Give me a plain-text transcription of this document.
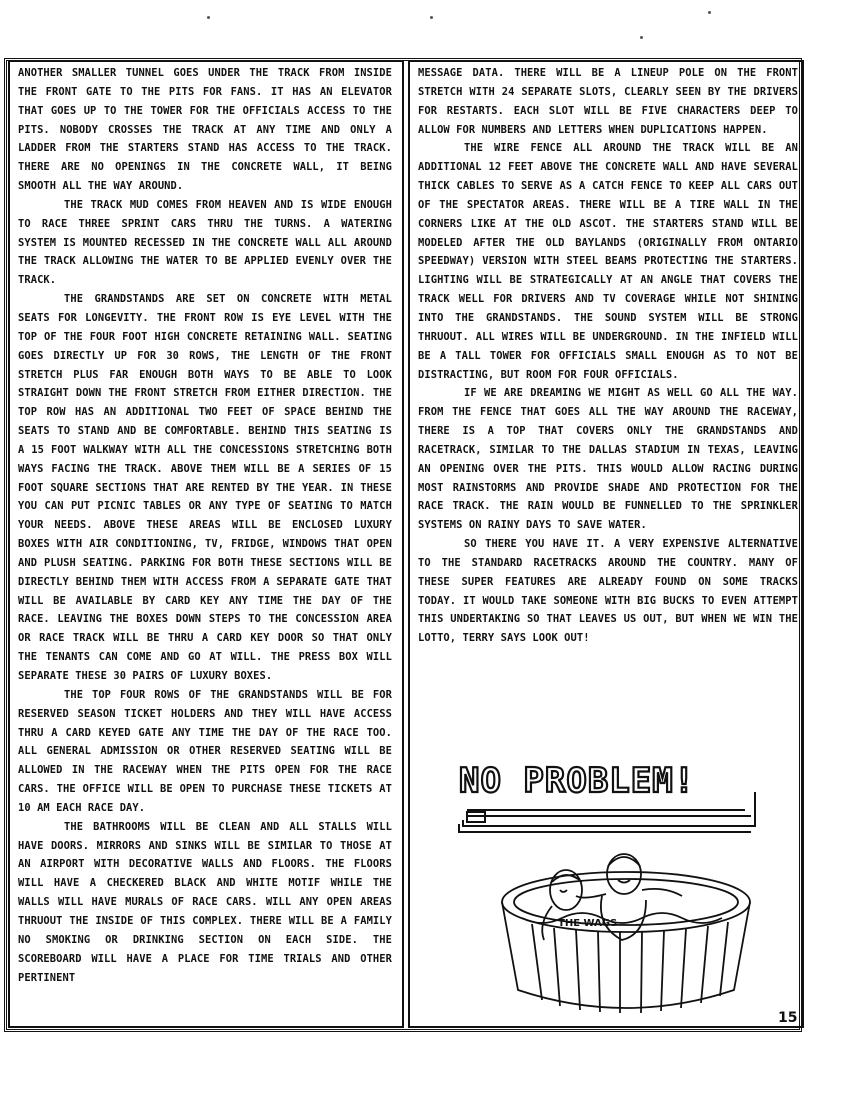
ANOTHER SMALLER TUNNEL GOES UNDER THE TRACK FROM INSIDE THE FRONT GATE TO THE PITS FOR FANS. IT HAS AN ELEVATOR THAT GOES UP TO THE TOWER FOR THE OFFICIALS ACCESS TO THE PITS. NOBODY CROSSES THE TRACK AT ANY TIME AND ONLY A LADDER FROM THE STARTERS STAND HAS ACCESS TO THE TRACK. THERE ARE NO OPENINGS IN THE CONCRETE WALL, IT BEING SMOOTH ALL THE WAY AROUND.

THE TRACK MUD COMES FROM HEAVEN AND IS WIDE ENOUGH TO RACE THREE SPRINT CARS THRU THE TURNS. A WATERING SYSTEM IS MOUNTED RECESSED IN THE CONCRETE WALL ALL AROUND THE TRACK ALLOWING THE WATER TO BE APPLIED EVENLY OVER THE TRACK.

THE GRANDSTANDS ARE SET ON CONCRETE WITH METAL SEATS FOR LONGEVITY. THE FRONT ROW IS EYE LEVEL WITH THE TOP OF THE FOUR FOOT HIGH CONCRETE RETAINING WALL. SEATING GOES DIRECTLY UP FOR 30 ROWS, THE LENGTH OF THE FRONT STRETCH PLUS FAR ENOUGH BOTH WAYS TO BE ABLE TO LOOK STRAIGHT DOWN THE FRONT STRETCH FROM EITHER DIRECTION. THE TOP ROW HAS AN ADDITIONAL TWO FEET OF SPACE BEHIND THE SEATS TO STAND AND BE COMFORTABLE. BEHIND THIS SEATING IS A 15 FOOT WALKWAY WITH ALL THE CONCESSIONS STRETCHING BOTH WAYS FACING THE TRACK. ABOVE THEM WILL BE A SERIES OF 15 FOOT SQUARE SECTIONS THAT ARE RENTED BY THE YEAR. IN THESE YOU CAN PUT PICNIC TABLES OR ANY TYPE OF SEATING TO MATCH YOUR NEEDS. ABOVE THESE AREAS WILL BE ENCLOSED LUXURY BOXES WITH AIR CONDITIONING, TV, FRIDGE, WINDOWS THAT OPEN AND PLUSH SEATING. PARKING FOR BOTH THESE SECTIONS WILL BE DIRECTLY BEHIND THEM WITH ACCESS FROM A SEPARATE GATE THAT WILL BE AVAILABLE BY CARD KEY ANY TIME THE DAY OF THE RACE. LEAVING THE BOXES DOWN STEPS TO THE CONCESSION AREA OR RACE TRACK WILL BE THRU A CARD KEY DOOR SO THAT ONLY THE TENANTS CAN COME AND GO AT WILL. THE PRESS BOX WILL SEPARATE THESE 30 PAIRS OF LUXURY BOXES.

THE TOP FOUR ROWS OF THE GRANDSTANDS WILL BE FOR RESERVED SEASON TICKET HOLDERS AND THEY WILL HAVE ACCESS THRU A CARD KEYED GATE ANY TIME THE DAY OF THE RACE TOO. ALL GENERAL ADMISSION OR OTHER RESERVED SEATING WILL BE ALLOWED IN THE RACEWAY WHEN THE PITS OPEN FOR THE RACE CARS. THE OFFICE WILL BE OPEN TO PURCHASE THESE TICKETS AT 10 AM EACH RACE DAY.

THE BATHROOMS WILL BE CLEAN AND ALL STALLS WILL HAVE DOORS. MIRRORS AND SINKS WILL BE SIMILAR TO THOSE AT AN AIRPORT WITH DECORATIVE WALLS AND FLOORS. THE FLOORS WILL HAVE A CHECKERED BLACK AND WHITE MOTIF WHILE THE WALLS WILL HAVE MURALS OF RACE CARS. WILL ANY OPEN AREAS THRUOUT THE INSIDE OF THIS COMPLEX. THERE WILL BE A FAMILY NO SMOKING OR DRINKING SECTION ON EACH SIDE. THE SCOREBOARD WILL HAVE A PLACE FOR TIME TRIALS AND OTHER PERTINENT

MESSAGE DATA. THERE WILL BE A LINEUP POLE ON THE FRONT STRETCH WITH 24 SEPARATE SLOTS, CLEARLY SEEN BY THE DRIVERS FOR RESTARTS. EACH SLOT WILL BE FIVE CHARACTERS DEEP TO ALLOW FOR NUMBERS AND LETTERS WHEN DUPLICATIONS HAPPEN.

THE WIRE FENCE ALL AROUND THE TRACK WILL BE AN ADDITIONAL 12 FEET ABOVE THE CONCRETE WALL AND HAVE SEVERAL THICK CABLES TO SERVE AS A CATCH FENCE TO KEEP ALL CARS OUT OF THE SPECTATOR AREAS. THERE WILL BE A TIRE WALL IN THE CORNERS LIKE AT THE OLD ASCOT. THE STARTERS STAND WILL BE MODELED AFTER THE OLD BAYLANDS (ORIGINALLY FROM ONTARIO SPEEDWAY) VERSION WITH STEEL BEAMS PROTECTING THE STARTERS. LIGHTING WILL BE STRATEGICALLY AT AN ANGLE THAT COVERS THE TRACK WELL FOR DRIVERS AND TV COVERAGE WHILE NOT SHINING INTO THE GRANDSTANDS. THE SOUND SYSTEM WILL BE STRONG THRUOUT. ALL WIRES WILL BE UNDERGROUND. IN THE INFIELD WILL BE A TALL TOWER FOR OFFICIALS SMALL ENOUGH AS TO NOT BE DISTRACTING, BUT ROOM FOR FOUR OFFICIALS.

IF WE ARE DREAMING WE MIGHT AS WELL GO ALL THE WAY. FROM THE FENCE THAT GOES ALL THE WAY AROUND THE RACEWAY, THERE IS A TOP THAT COVERS ONLY THE GRANDSTANDS AND RACETRACK, SIMILAR TO THE DALLAS STADIUM IN TEXAS, LEAVING AN OPENING OVER THE PITS. THIS WOULD ALLOW RACING DURING MOST RAINSTORMS AND PROVIDE SHADE AND PROTECTION FOR THE RACE TRACK. THE RAIN WOULD BE FUNNELLED TO THE SPRINKLER SYSTEMS ON RAINY DAYS TO SAVE WATER.

SO THERE YOU HAVE IT. A VERY EXPENSIVE ALTERNATIVE TO THE STANDARD RACETRACKS AROUND THE COUNTRY. MANY OF THESE SUPER FEATURES ARE ALREADY FOUND ON SOME TRACKS TODAY. IT WOULD TAKE SOMEONE WITH BIG BUCKS TO EVEN ATTEMPT THIS UNDERTAKING SO THAT LEAVES US OUT, BUT WHEN WE WIN THE LOTTO, TERRY SAYS LOOK OUT!

NO PROBLEM!
THE WAGS
15
